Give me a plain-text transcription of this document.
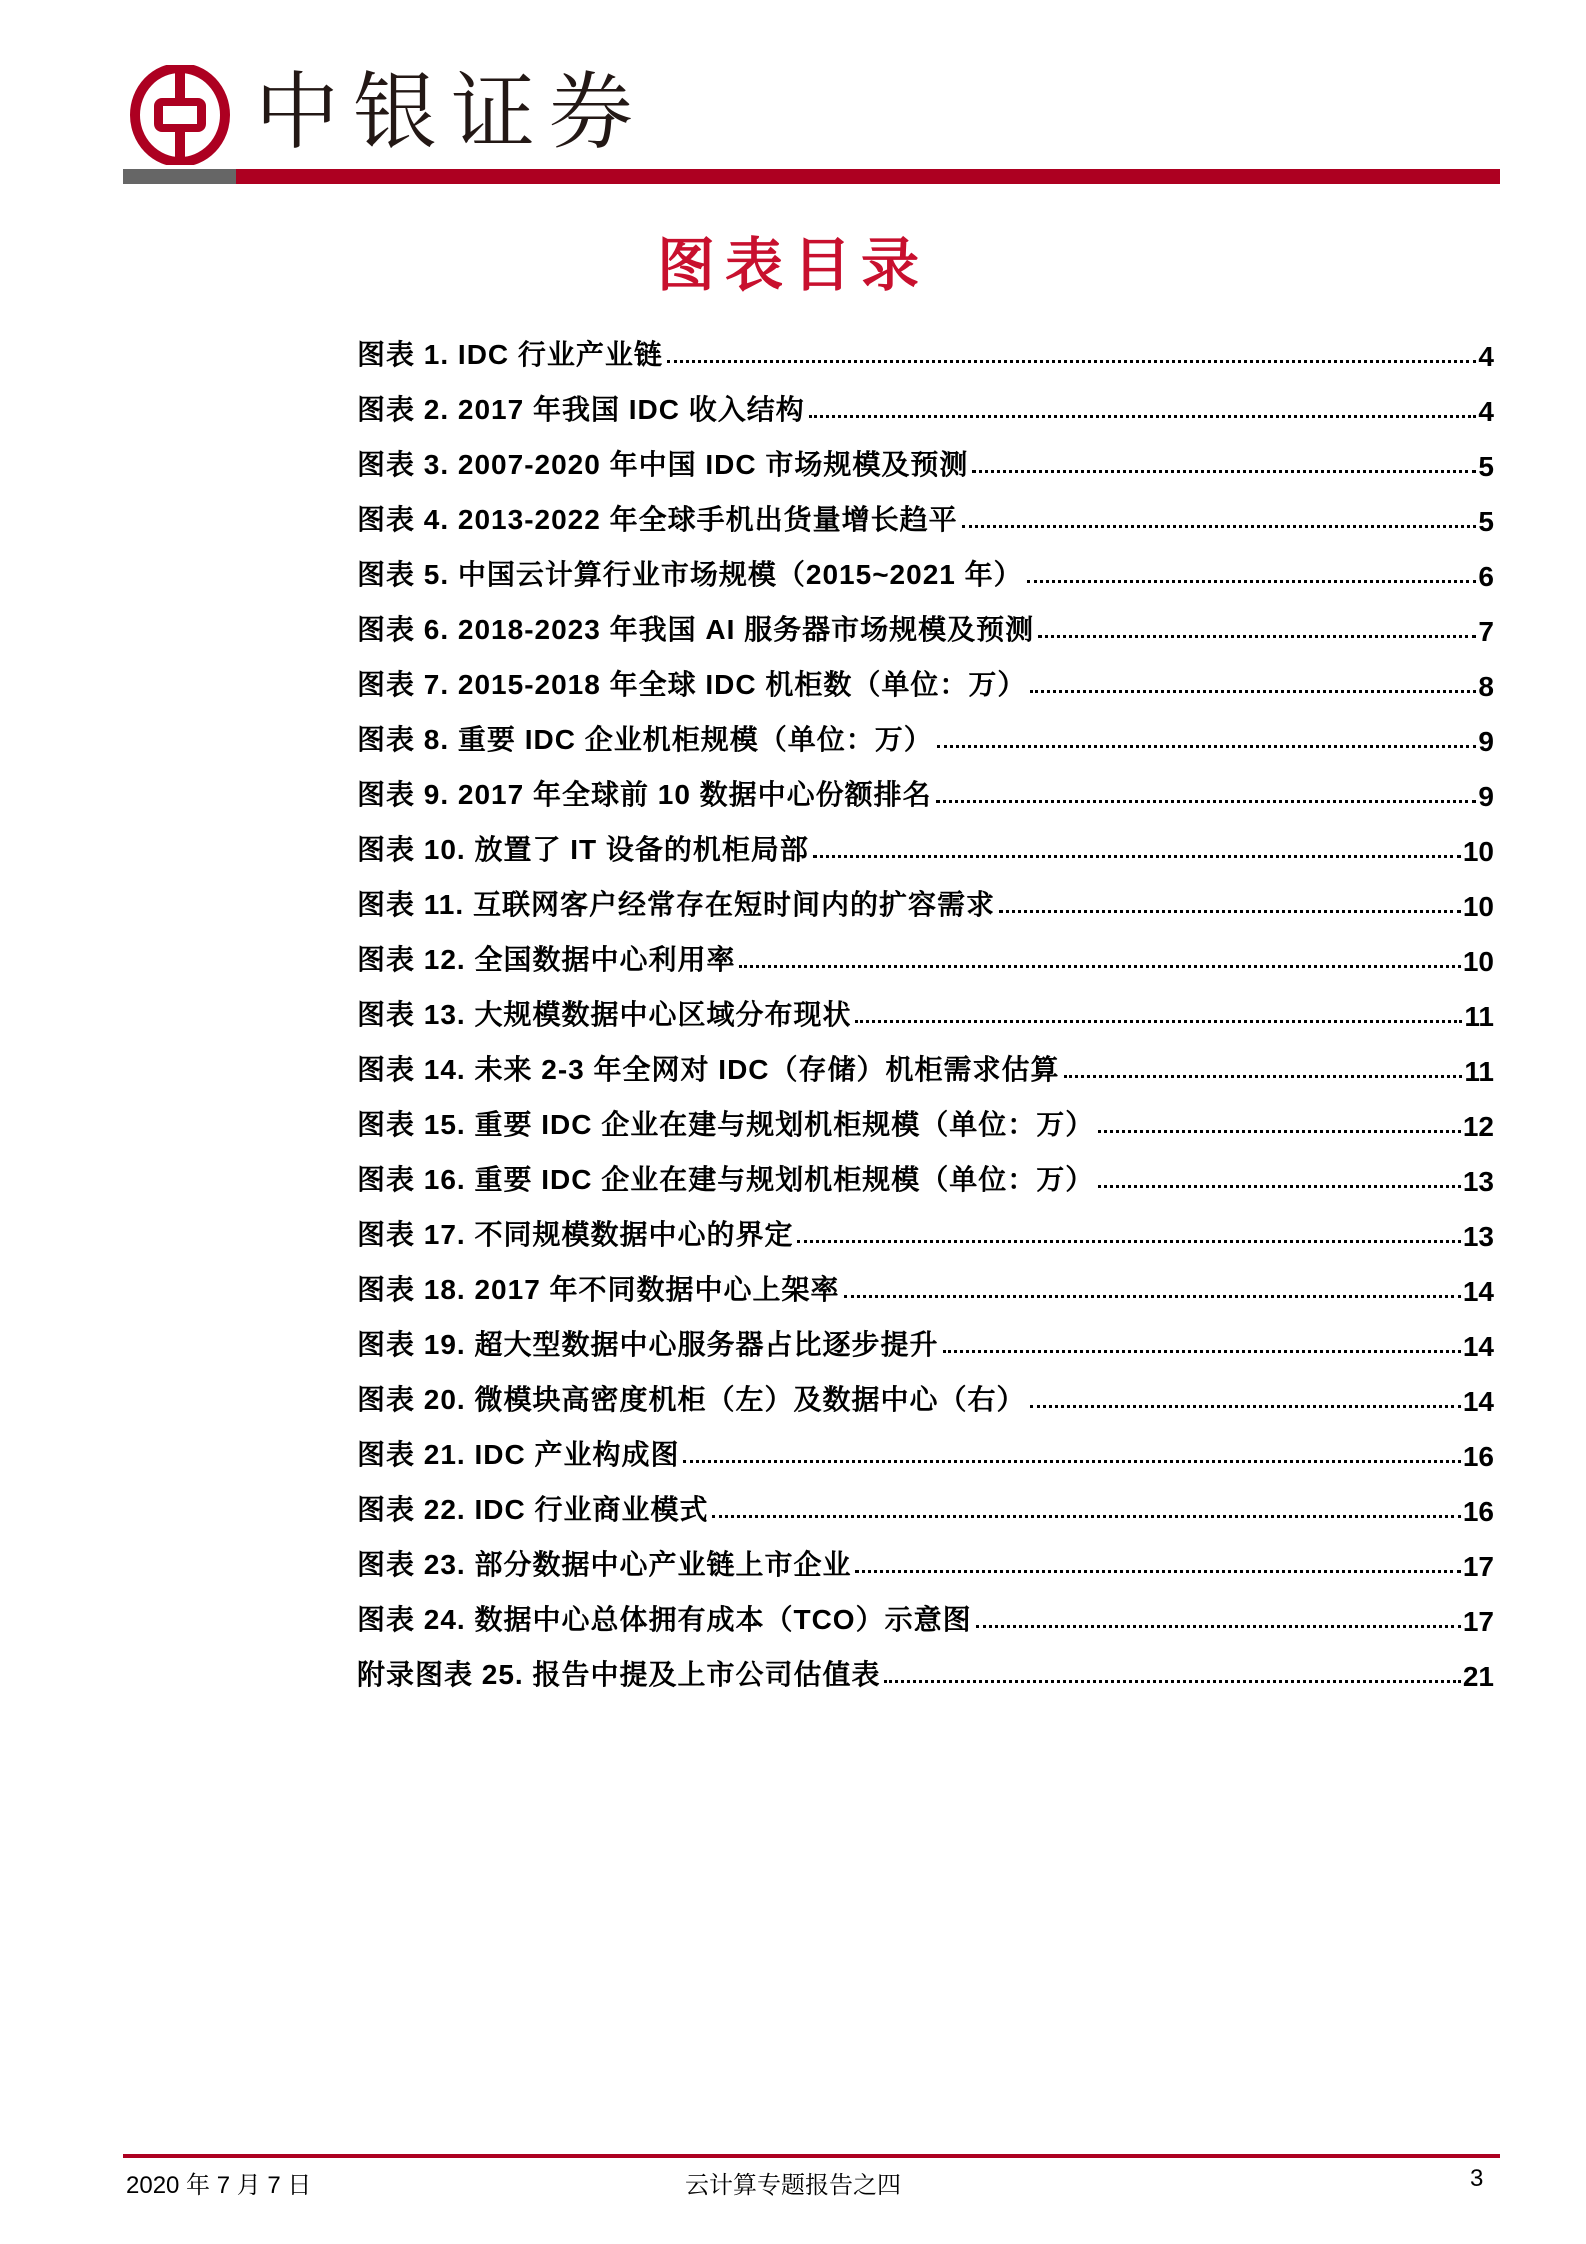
中银证券
图表目录
图表 1. IDC 行业产业链	4
图表 2. 2017 年我国 IDC 收入结构	4
图表 3. 2007-2020 年中国 IDC 市场规模及预测	5
图表 4. 2013-2022 年全球手机出货量增长趋平	5
图表 5. 中国云计算行业市场规模（2015~2021 年）	6
图表 6. 2018-2023 年我国 AI 服务器市场规模及预测	7
图表 7. 2015-2018 年全球 IDC 机柜数（单位：万）	8
图表 8. 重要 IDC 企业机柜规模（单位：万）	9
图表 9. 2017 年全球前 10 数据中心份额排名	9
图表 10. 放置了 IT 设备的机柜局部	10
图表 11. 互联网客户经常存在短时间内的扩容需求	10
图表 12. 全国数据中心利用率	10
图表 13. 大规模数据中心区域分布现状	11
图表 14. 未来 2-3 年全网对 IDC（存储）机柜需求估算	11
图表 15. 重要 IDC 企业在建与规划机柜规模（单位：万）	12
图表 16. 重要 IDC 企业在建与规划机柜规模（单位：万）	13
图表 17. 不同规模数据中心的界定	13
图表 18. 2017 年不同数据中心上架率	14
图表 19. 超大型数据中心服务器占比逐步提升	14
图表 20. 微模块高密度机柜（左）及数据中心（右）	14
图表 21. IDC 产业构成图	16
图表 22. IDC 行业商业模式	16
图表 23. 部分数据中心产业链上市企业	17
图表 24. 数据中心总体拥有成本（TCO）示意图	17
附录图表 25. 报告中提及上市公司估值表	21
2020 年 7 月 7 日	云计算专题报告之四	3
